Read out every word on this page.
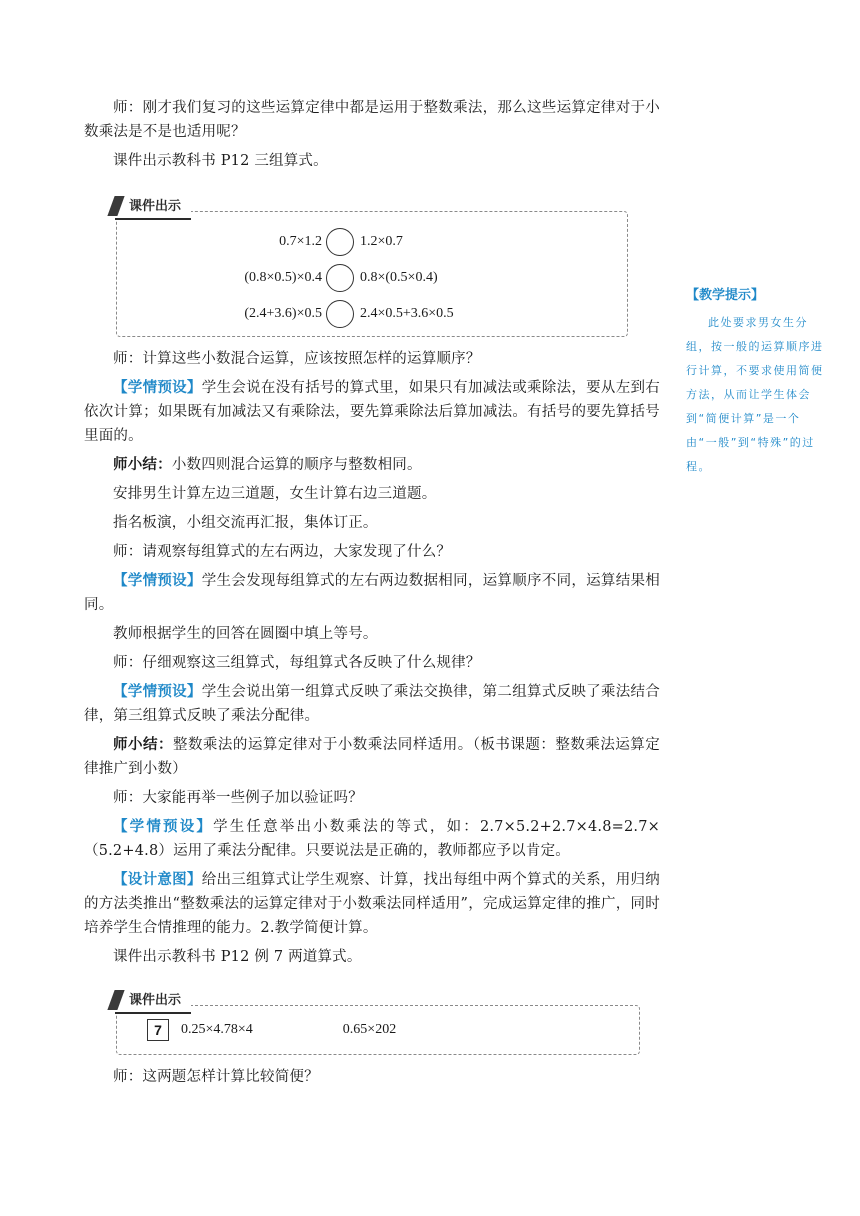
师：刚才我们复习的这些运算定律中都是运用于整数乘法，那么这些运算定律对于小数乘法是不是也适用呢？
课件出示教科书 P12 三组算式。
课件出示
0.7×1.2	1.2×0.7
(0.8×0.5)×0.4	0.8×(0.5×0.4)
(2.4+3.6)×0.5	2.4×0.5+3.6×0.5
师：计算这些小数混合运算，应该按照怎样的运算顺序？
【学情预设】学生会说在没有括号的算式里，如果只有加减法或乘除法，要从左到右依次计算；如果既有加减法又有乘除法，要先算乘除法后算加减法。有括号的要先算括号里面的。
师小结：小数四则混合运算的顺序与整数相同。
安排男生计算左边三道题，女生计算右边三道题。
指名板演，小组交流再汇报，集体订正。
师：请观察每组算式的左右两边，大家发现了什么？
【学情预设】学生会发现每组算式的左右两边数据相同，运算顺序不同，运算结果相同。
教师根据学生的回答在圆圈中填上等号。
师：仔细观察这三组算式，每组算式各反映了什么规律？
【学情预设】学生会说出第一组算式反映了乘法交换律，第二组算式反映了乘法结合律，第三组算式反映了乘法分配律。
师小结：整数乘法的运算定律对于小数乘法同样适用。（板书课题：整数乘法运算定律推广到小数）
师：大家能再举一些例子加以验证吗？
【学情预设】学生任意举出小数乘法的等式，如：2.7×5.2+2.7×4.8=2.7×（5.2+4.8）运用了乘法分配律。只要说法是正确的，教师都应予以肯定。
【设计意图】给出三组算式让学生观察、计算，找出每组中两个算式的关系，用归纳的方法类推出“整数乘法的运算定律对于小数乘法同样适用”，完成运算定律的推广，同时培养学生合情推理的能力。2.教学简便计算。
课件出示教科书 P12 例 7 两道算式。
课件出示
7	0.25×4.78×4	0.65×202
师：这两题怎样计算比较简便？
【教学提示】
此处要求男女生分组，按一般的运算顺序进行计算，不要求使用简便方法，从而让学生体会到“简便计算”是一个由“一般”到“特殊”的过程。
